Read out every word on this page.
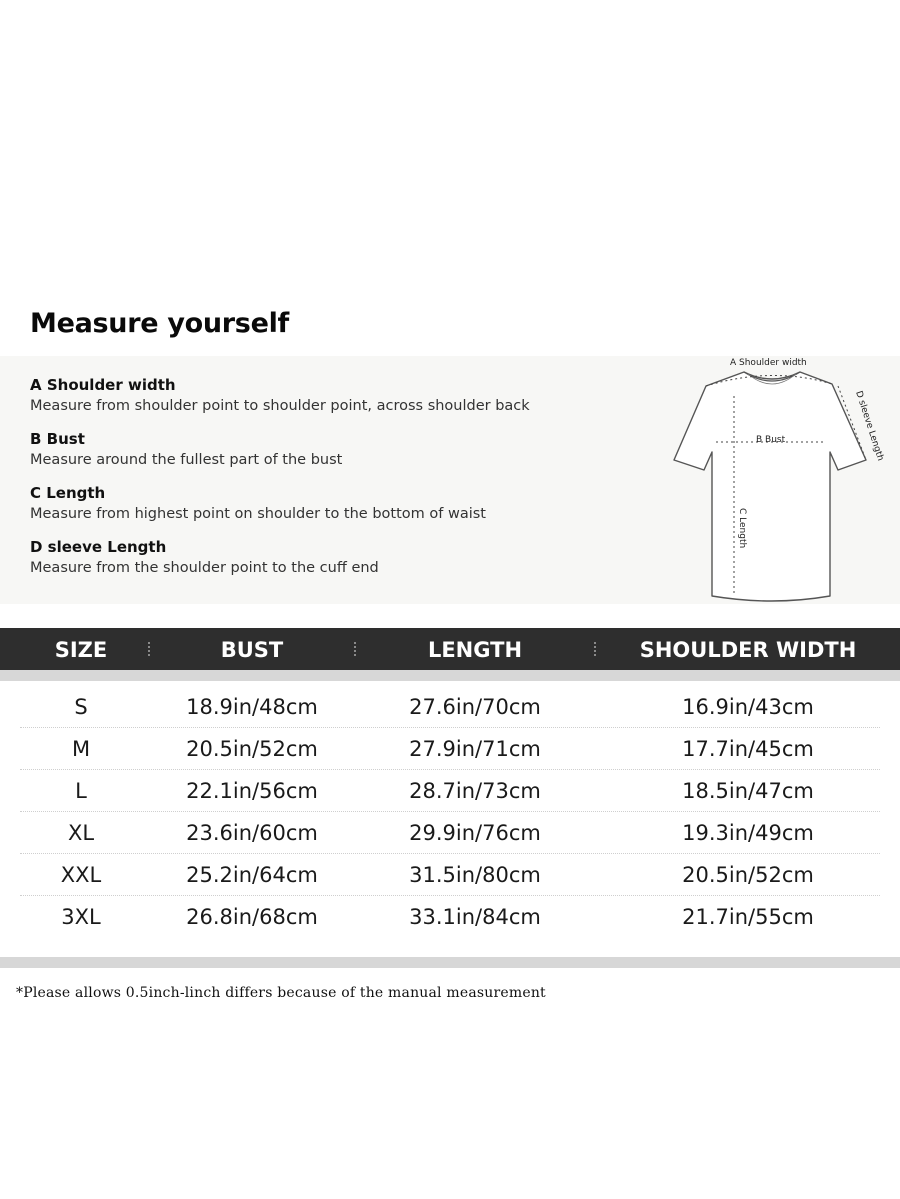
Measure yourself
A Shoulder width
Measure from shoulder point to shoulder point, across shoulder back
B Bust
Measure around the fullest part of the bust
C Length
Measure from highest point on shoulder to the bottom of waist
D sleeve Length
Measure from the shoulder point to the cuff end
A Shoulder width
B Bust
C Length
D sleeve Length
SIZE	BUST	LENGTH	SHOULDER WIDTH
S	18.9in/48cm	27.6in/70cm	16.9in/43cm
M	20.5in/52cm	27.9in/71cm	17.7in/45cm
L	22.1in/56cm	28.7in/73cm	18.5in/47cm
XL	23.6in/60cm	29.9in/76cm	19.3in/49cm
XXL	25.2in/64cm	31.5in/80cm	20.5in/52cm
3XL	26.8in/68cm	33.1in/84cm	21.7in/55cm
*Please allows 0.5inch-linch differs because of the manual measurement
